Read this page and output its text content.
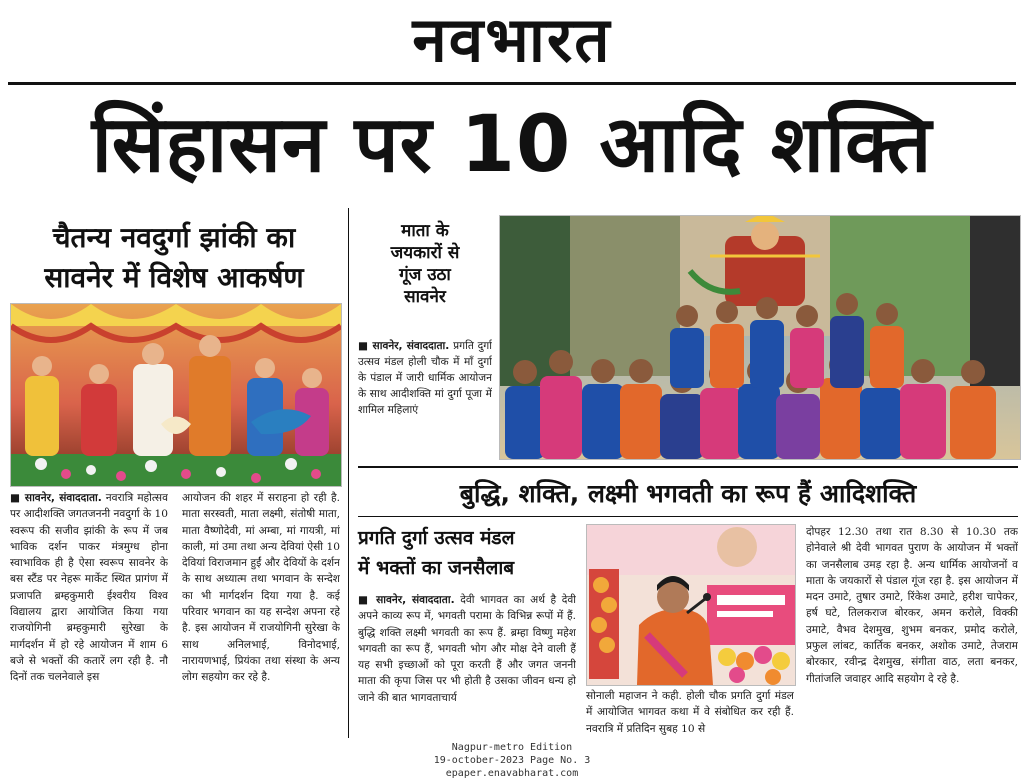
नवभारत
सिंहासन पर 10 आदि शक्ति
चैतन्य नवदुर्गा झांकी का
सावनेर में विशेष आकर्षण
■ सावनेर, संवाददाता. नवरात्रि महोत्सव पर आदीशक्ति जगतजननी नवदुर्गा के 10 स्वरूप की सजीव झांकी के रूप में जब भाविक दर्शन पाकर मंत्रमुग्ध होना स्वाभाविक ही है ऐसा स्वरूप सावनेर के बस स्टैंड पर नेहरू मार्केट स्थित प्रागंण में प्रजापति ब्रम्हकुमारी ईश्वरीय विश्व विद्यालय द्वारा आयोजित किया गया राजयोगिनी ब्रम्हकुमारी सुरेखा के मार्गदर्शन में हो रहे आयोजन में शाम 6 बजे से भक्तों की कतारें लग रही है. नौ दिनों तक चलनेवाले इस
आयोजन की शहर में सराहना हो रही है. माता सरस्वती, माता लक्ष्मी, संतोषी माता, माता वैष्णोदेवी, मां अम्बा, मां गायत्री, मां काली, मां उमा तथा अन्य देवियां ऐसी 10 देवियां विराजमान हुईं और देवियों के दर्शन के साथ अध्यात्म तथा भगवान के सन्देश का भी मार्गदर्शन दिया गया है. कई परिवार भगवान का यह सन्देश अपना रहे है. इस आयोजन में राजयोगिनी सुरेखा के साथ अनिलभाई, विनोदभाई, नारायणभाई, प्रियंका तथा संस्था के अन्य लोग सहयोग कर रहे है.
माता के
जयकारों से
गूंज उठा
सावनेर
■ सावनेर, संवाददाता. प्रगति दुर्गा उत्सव मंडल होली चौक में माँ दुर्गा के पंडाल में जारी धार्मिक आयोजन के साथ आदीशक्ति मां दुर्गा पूजा में शामिल महिलाएं
बुद्धि, शक्ति, लक्ष्मी भगवती का रूप हैं आदिशक्ति
प्रगति दुर्गा उत्सव मंडल
में भक्तों का जनसैलाब
■ सावनेर, संवाददाता. देवी भागवत का अर्थ है देवी अपने काव्य रूप में, भगवती परामा के विभिन्न रूपों में हैं. बुद्धि शक्ति लक्ष्मी भगवती का रूप हैं. ब्रम्हा विष्णु महेश भगवती का रूप हैं, भगवती भोग और मोक्ष देने वाली हैं यह सभी इच्छाओं को पूरा करती हैं और जगत जननी माता की कृपा जिस पर भी होती है उसका जीवन धन्य हो जाने की बात भागवताचार्य	सोनाली महाजन ने कही. होली चौक प्रगति दुर्गा मंडल में आयोजित भागवत कथा में वे संबोधित कर रही हैं. नवरात्रि में प्रतिदिन सुबह 10 से
दोपहर 12.30 तथा रात 8.30 से 10.30 तक होनेवाले श्री देवी भागवत पुराण के आयोजन में भक्तों का जनसैलाब उमड़ रहा है. अन्य धार्मिक आयोजनों व माता के जयकारों से पंडाल गूंज रहा है. इस आयोजन में मदन उमाटे, तुषार उमाटे, रिंकेश उमाटे, हरीश चापेकर, हर्ष घटे, तिलकराज बोरकर, अमन करोले, विक्की उमाटे, वैभव देशमुख, शुभम बनकर, प्रमोद करोले, प्रफुल लांबट, कार्तिक बनकर, अशोक उमाटे, तेजराम बोरकार, रवीन्द्र देशमुख, संगीता वाठ, लता बनकर, गीतांजलि जवाहर आदि सहयोग दे रहे है.
Nagpur-metro Edition
19-october-2023 Page No. 3
epaper.enavabharat.com
